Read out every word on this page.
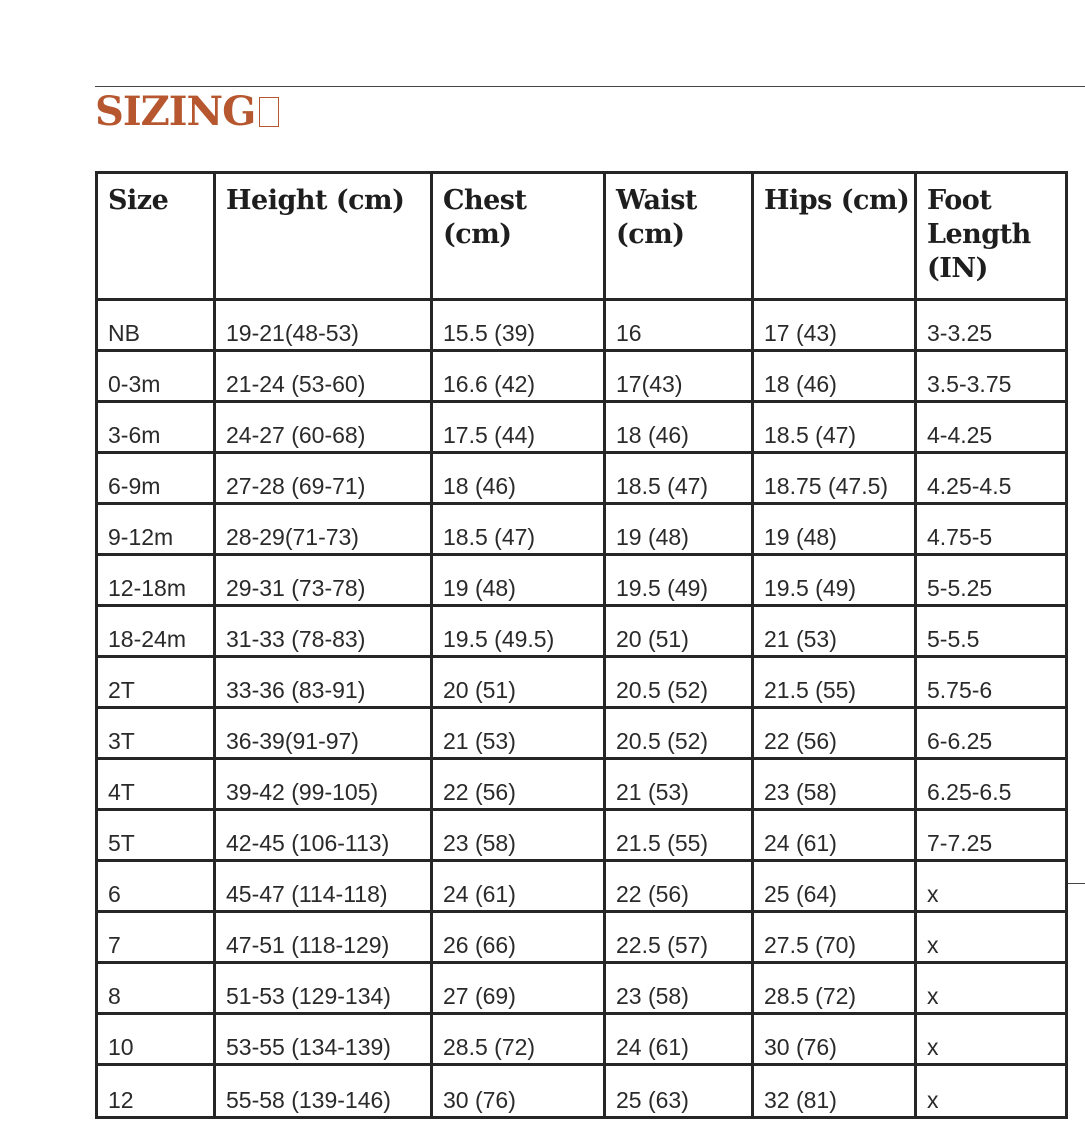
SIZING
Size	Height (cm)	Chest (cm)	Waist (cm)	Hips (cm)	Foot Length (IN)
NB	19-21(48-53)	15.5 (39)	16	17 (43)	3-3.25
0-3m	21-24 (53-60)	16.6 (42)	17(43)	18 (46)	3.5-3.75
3-6m	24-27 (60-68)	17.5 (44)	18 (46)	18.5 (47)	4-4.25
6-9m	27-28 (69-71)	18 (46)	18.5 (47)	18.75 (47.5)	4.25-4.5
9-12m	28-29(71-73)	18.5 (47)	19 (48)	19 (48)	4.75-5
12-18m	29-31 (73-78)	19 (48)	19.5 (49)	19.5 (49)	5-5.25
18-24m	31-33 (78-83)	19.5 (49.5)	20 (51)	21 (53)	5-5.5
2T	33-36 (83-91)	20 (51)	20.5 (52)	21.5 (55)	5.75-6
3T	36-39(91-97)	21 (53)	20.5 (52)	22 (56)	6-6.25
4T	39-42 (99-105)	22 (56)	21 (53)	23 (58)	6.25-6.5
5T	42-45 (106-113)	23 (58)	21.5 (55)	24 (61)	7-7.25
6	45-47 (114-118)	24 (61)	22 (56)	25 (64)	x
7	47-51 (118-129)	26 (66)	22.5 (57)	27.5 (70)	x
8	51-53 (129-134)	27 (69)	23 (58)	28.5 (72)	x
10	53-55 (134-139)	28.5 (72)	24 (61)	30 (76)	x
12	55-58 (139-146)	30 (76)	25 (63)	32 (81)	x
